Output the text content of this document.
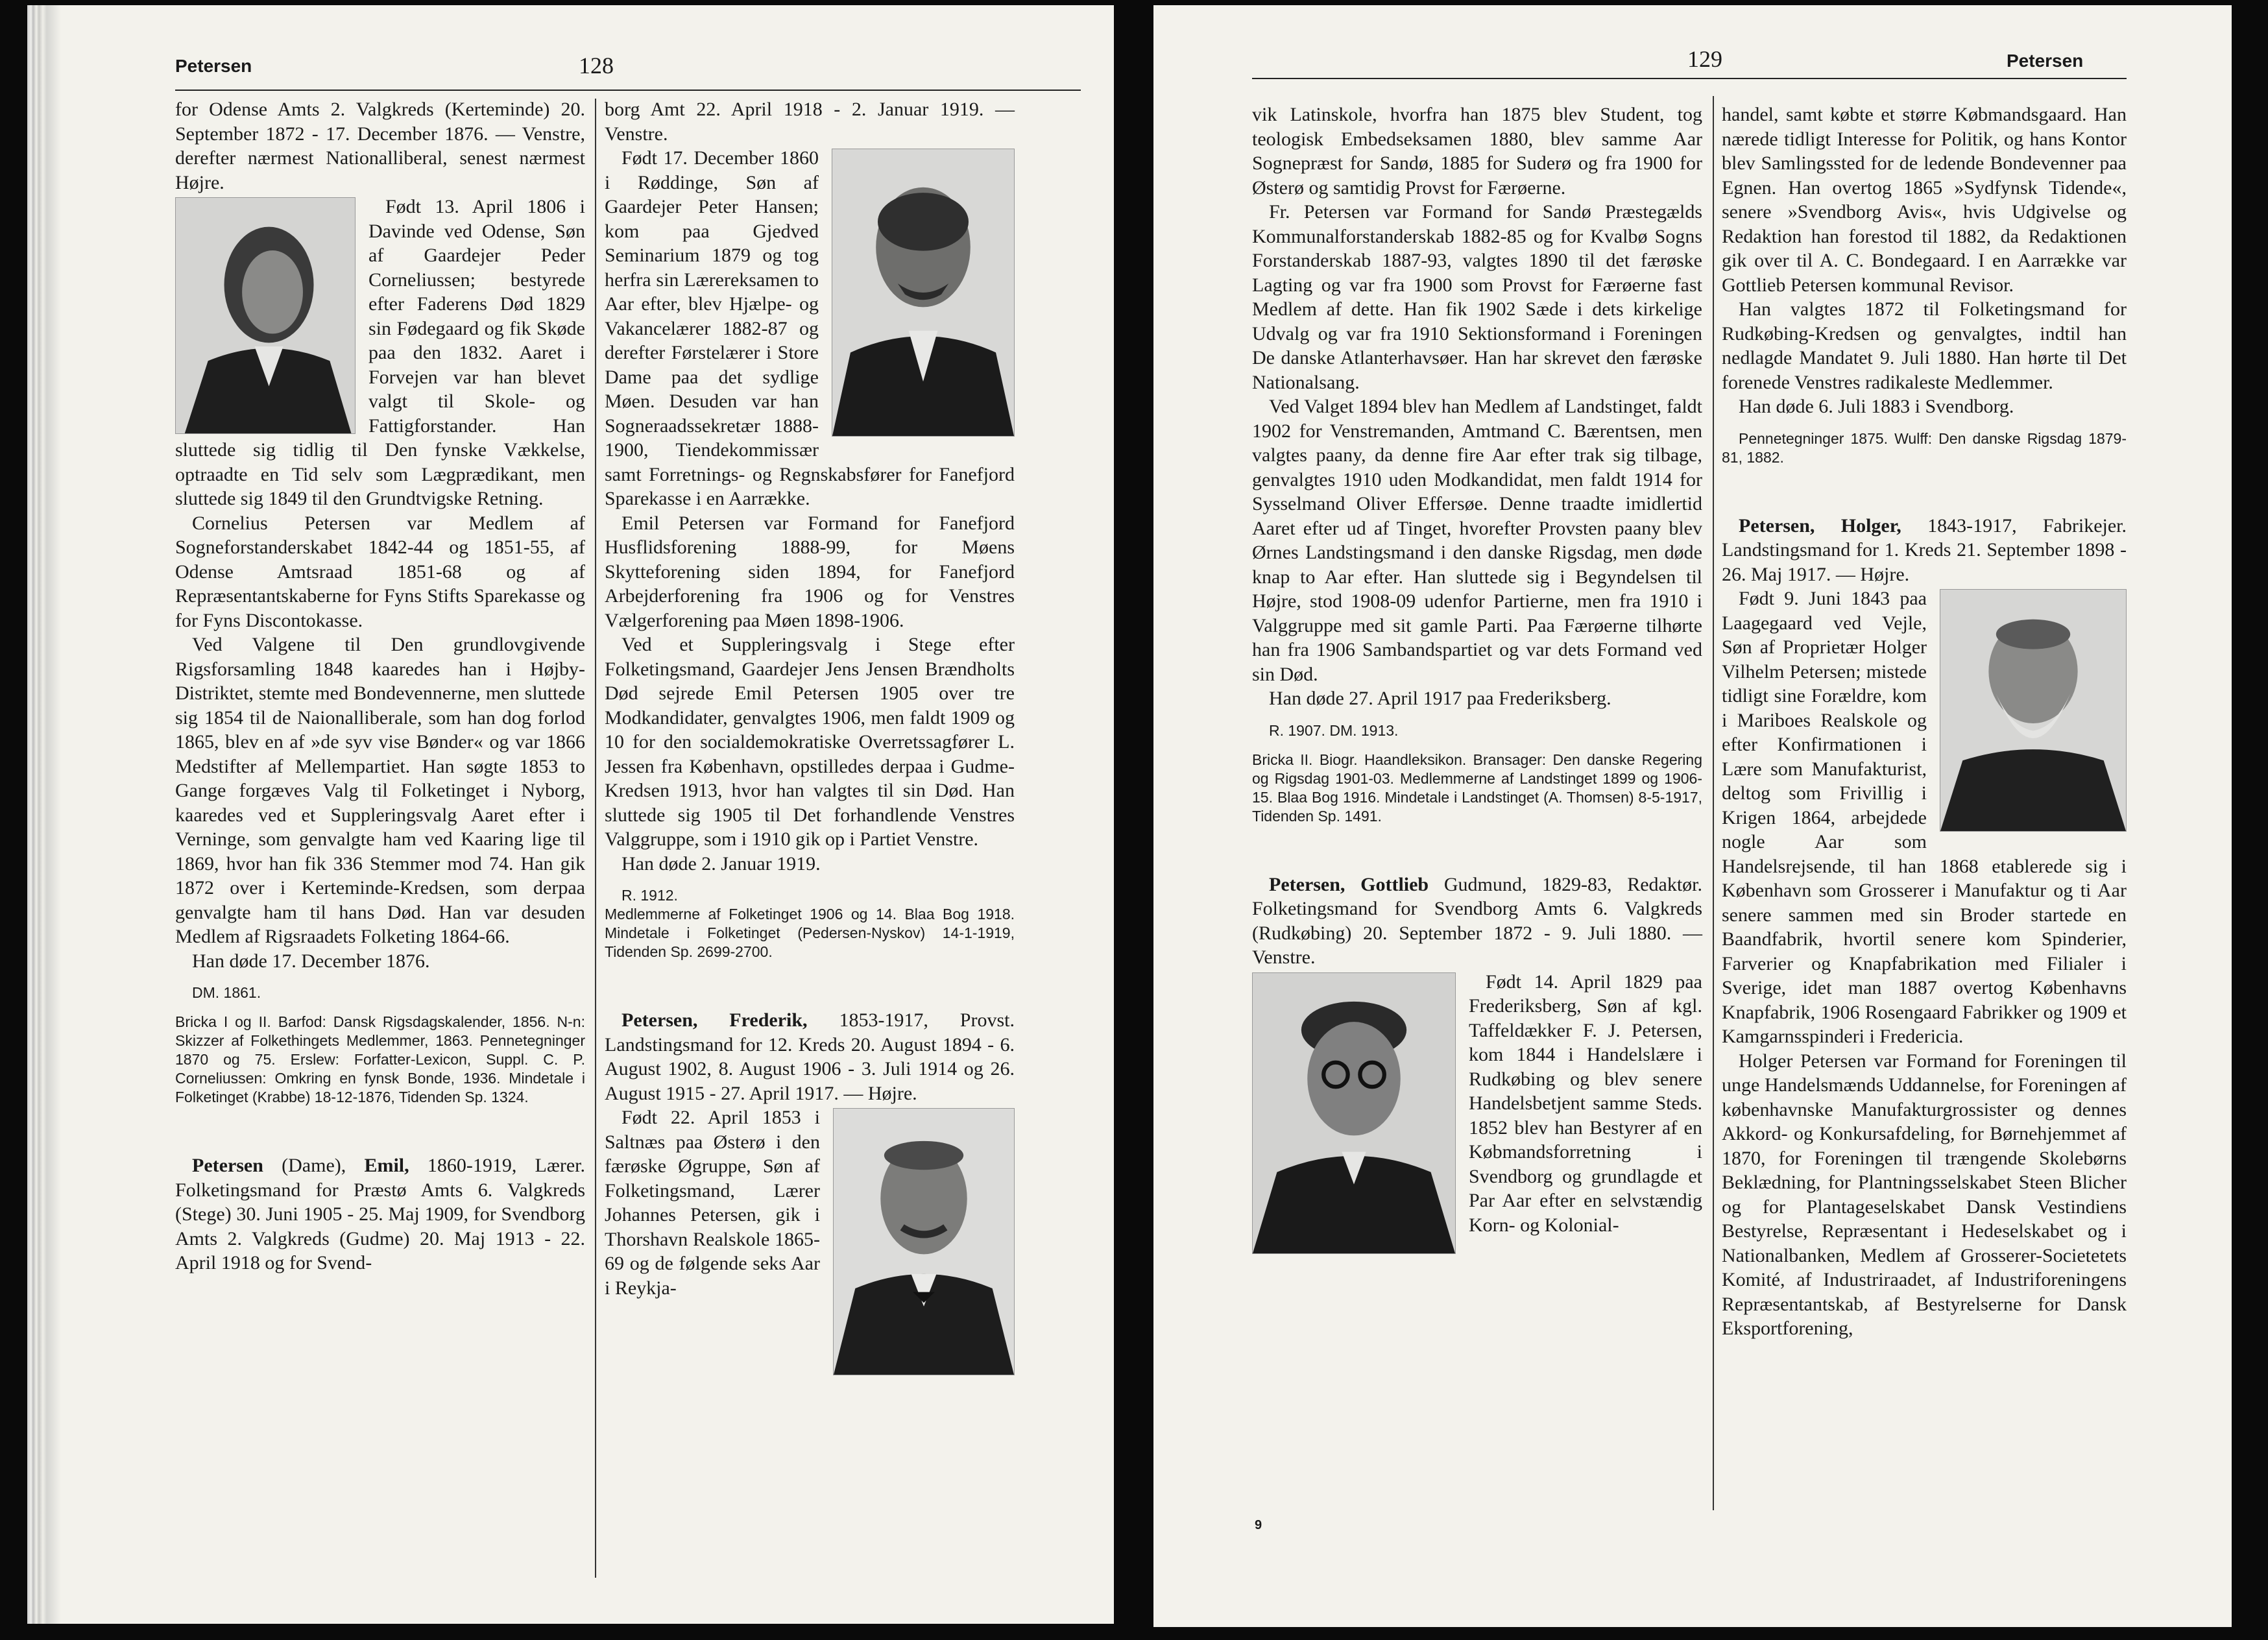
Petersen	128

for Odense Amts 2. Valgkreds (Kerteminde) 20. September 1872 - 17. December 1876. — Venstre, derefter nærmest Nationalliberal, senest nærmest Højre.

Født 13. April 1806 i Davinde ved Odense, Søn af Gaardejer Peder Corneliussen; bestyrede efter Faderens Død 1829 sin Fødegaard og fik Skøde paa den 1832. Aaret i Forvejen var han blevet valgt til Skole- og Fattigforstander. Han sluttede sig tidlig til Den fynske Vækkelse, optraadte en Tid selv som Lægprædikant, men sluttede sig 1849 til den Grundtvigske Retning.

Cornelius Petersen var Medlem af Sogneforstanderskabet 1842-44 og 1851-55, af Odense Amtsraad 1851-68 og af Repræsentantskaberne for Fyns Stifts Sparekasse og for Fyns Discontokasse.

Ved Valgene til Den grundlovgivende Rigsforsamling 1848 kaaredes han i Højby-Distriktet, stemte med Bondevennerne, men sluttede sig 1854 til de Naionalliberale, som han dog forlod 1865, blev en af »de syv vise Bønder« og var 1866 Medstifter af Mellempartiet. Han søgte 1853 to Gange forgæves Valg til Folketinget i Nyborg, kaaredes ved et Suppleringsvalg Aaret efter i Verninge, som genvalgte ham ved Kaaring lige til 1869, hvor han fik 336 Stemmer mod 74. Han gik 1872 over i Kerteminde-Kredsen, som derpaa genvalgte ham til hans Død. Han var desuden Medlem af Rigsraadets Folketing 1864-66.

Han døde 17. December 1876.

DM. 1861.

Bricka I og II. Barfod: Dansk Rigsdagskalender, 1856. N-n: Skizzer af Folkethingets Medlemmer, 1863. Pennetegninger 1870 og 75. Erslew: Forfatter-Lexicon, Suppl. C. P. Corneliussen: Omkring en fynsk Bonde, 1936. Mindetale i Folketinget (Krabbe) 18-12-1876, Tidenden Sp. 1324.

Petersen (Dame), Emil, 1860-1919, Lærer. Folketingsmand for Præstø Amts 6. Valgkreds (Stege) 30. Juni 1905 - 25. Maj 1909, for Svendborg Amts 2. Valgkreds (Gudme) 20. Maj 1913 - 22. April 1918 og for Svend-

borg Amt 22. April 1918 - 2. Januar 1919. — Venstre.

Født 17. December 1860 i Røddinge, Søn af Gaardejer Peter Hansen; kom paa Gjedved Seminarium 1879 og tog herfra sin Lærereksamen to Aar efter, blev Hjælpe- og Vakancelærer 1882-87 og derefter Førstelærer i Store Dame paa det sydlige Møen. Desuden var han Sogneraadssekretær 1888-1900, Tiendekommissær samt Forretnings- og Regnskabsfører for Fanefjord Sparekasse i en Aarrække.

Emil Petersen var Formand for Fanefjord Husflidsforening 1888-99, for Møens Skytteforening siden 1894, for Fanefjord Arbejderforening fra 1906 og for Venstres Vælgerforening paa Møen 1898-1906.

Ved et Suppleringsvalg i Stege efter Folketingsmand, Gaardejer Jens Jensen Brændholts Død sejrede Emil Petersen 1905 over tre Modkandidater, genvalgtes 1906, men faldt 1909 og 10 for den socialdemokratiske Overretssagfører L. Jessen fra København, opstilledes derpaa i Gudme-Kredsen 1913, hvor han valgtes til sin Død. Han sluttede sig 1905 til Det forhandlende Venstres Valggruppe, som i 1910 gik op i Partiet Venstre.

Han døde 2. Januar 1919.

R. 1912.

Medlemmerne af Folketinget 1906 og 14. Blaa Bog 1918. Mindetale i Folketinget (Pedersen-Nyskov) 14-1-1919, Tidenden Sp. 2699-2700.

Petersen, Frederik, 1853-1917, Provst. Landstingsmand for 12. Kreds 20. August 1894 - 6. August 1902, 8. August 1906 - 3. Juli 1914 og 26. August 1915 - 27. April 1917. — Højre.

Født 22. April 1853 i Saltnæs paa Østerø i den færøske Øgruppe, Søn af Folketingsmand, Lærer Johannes Petersen, gik i Thorshavn Realskole 1865-69 og de følgende seks Aar i Reykja-

129	Petersen

vik Latinskole, hvorfra han 1875 blev Student, tog teologisk Embedseksamen 1880, blev samme Aar Sognepræst for Sandø, 1885 for Suderø og fra 1900 for Østerø og samtidig Provst for Færøerne.

Fr. Petersen var Formand for Sandø Præstegælds Kommunalforstanderskab 1882-85 og for Kvalbø Sogns Forstanderskab 1887-93, valgtes 1890 til det færøske Lagting og var fra 1900 som Provst for Færøerne fast Medlem af dette. Han fik 1902 Sæde i dets kirkelige Udvalg og var fra 1910 Sektionsformand i Foreningen De danske Atlanterhavsøer. Han har skrevet den færøske Nationalsang.

Ved Valget 1894 blev han Medlem af Landstinget, faldt 1902 for Venstremanden, Amtmand C. Bærentsen, men valgtes paany, da denne fire Aar efter trak sig tilbage, genvalgtes 1910 uden Modkandidat, men faldt 1914 for Sysselmand Oliver Effersøe. Denne traadte imidlertid Aaret efter ud af Tinget, hvorefter Provsten paany blev Ørnes Landstingsmand i den danske Rigsdag, men døde knap to Aar efter. Han sluttede sig i Begyndelsen til Højre, stod 1908-09 udenfor Partierne, men fra 1910 i Valggruppe med sit gamle Parti. Paa Færøerne tilhørte han fra 1906 Sambandspartiet og var dets Formand ved sin Død.

Han døde 27. April 1917 paa Frederiksberg.

R. 1907. DM. 1913.

Bricka II. Biogr. Haandleksikon. Bransager: Den danske Regering og Rigsdag 1901-03. Medlemmerne af Landstinget 1899 og 1906-15. Blaa Bog 1916. Mindetale i Landstinget (A. Thomsen) 8-5-1917, Tidenden Sp. 1491.

Petersen, Gottlieb Gudmund, 1829-83, Redaktør. Folketingsmand for Svendborg Amts 6. Valgkreds (Rudkøbing) 20. September 1872 - 9. Juli 1880. — Venstre.

Født 14. April 1829 paa Frederiksberg, Søn af kgl. Taffeldækker F. J. Petersen, kom 1844 i Handelslære i Rudkøbing og blev senere Handelsbetjent samme Steds. 1852 blev han Bestyrer af en Købmandsforretning i Svendborg og grundlagde et Par Aar efter en selvstændig Korn- og Kolonial-

handel, samt købte et større Købmandsgaard. Han nærede tidligt Interesse for Politik, og hans Kontor blev Samlingssted for de ledende Bondevenner paa Egnen. Han overtog 1865 »Sydfynsk Tidende«, senere »Svendborg Avis«, hvis Udgivelse og Redaktion han forestod til 1882, da Redaktionen gik over til A. C. Bondegaard. I en Aarrække var Gottlieb Petersen kommunal Revisor.

Han valgtes 1872 til Folketingsmand for Rudkøbing-Kredsen og genvalgtes, indtil han nedlagde Mandatet 9. Juli 1880. Han hørte til Det forenede Venstres radikaleste Medlemmer.

Han døde 6. Juli 1883 i Svendborg.

Pennetegninger 1875. Wulff: Den danske Rigsdag 1879-81, 1882.

Petersen, Holger, 1843-1917, Fabrikejer. Landstingsmand for 1. Kreds 21. September 1898 - 26. Maj 1917. — Højre.

Født 9. Juni 1843 paa Laagegaard ved Vejle, Søn af Proprietær Holger Vilhelm Petersen; mistede tidligt sine Forældre, kom i Mariboes Realskole og efter Konfirmationen i Lære som Manufakturist, deltog som Frivillig i Krigen 1864, arbejdede nogle Aar som Handelsrejsende, til han 1868 etablerede sig i København som Grosserer i Manufaktur og ti Aar senere sammen med sin Broder startede en Baandfabrik, hvortil senere kom Spinderier, Farverier og Knapfabrikation med Filialer i Sverige, idet man 1887 overtog Københavns Knapfabrik, 1906 Rosengaard Fabrikker og 1909 et Kamgarnsspinderi i Fredericia.

Holger Petersen var Formand for Foreningen til unge Handelsmænds Uddannelse, for Foreningen af københavnske Manufakturgrossister og dennes Akkord- og Konkursafdeling, for Børnehjemmet af 1870, for Foreningen til trængende Skolebørns Beklædning, for Plantningsselskabet Steen Blicher og for Plantageselskabet Dansk Vestindiens Bestyrelse, Repræsentant i Hedeselskabet og i Nationalbanken, Medlem af Grosserer-Societetets Komité, af Industriraadet, af Industriforeningens Repræsentantskab, af Bestyrelserne for Dansk Eksportforening,

9
